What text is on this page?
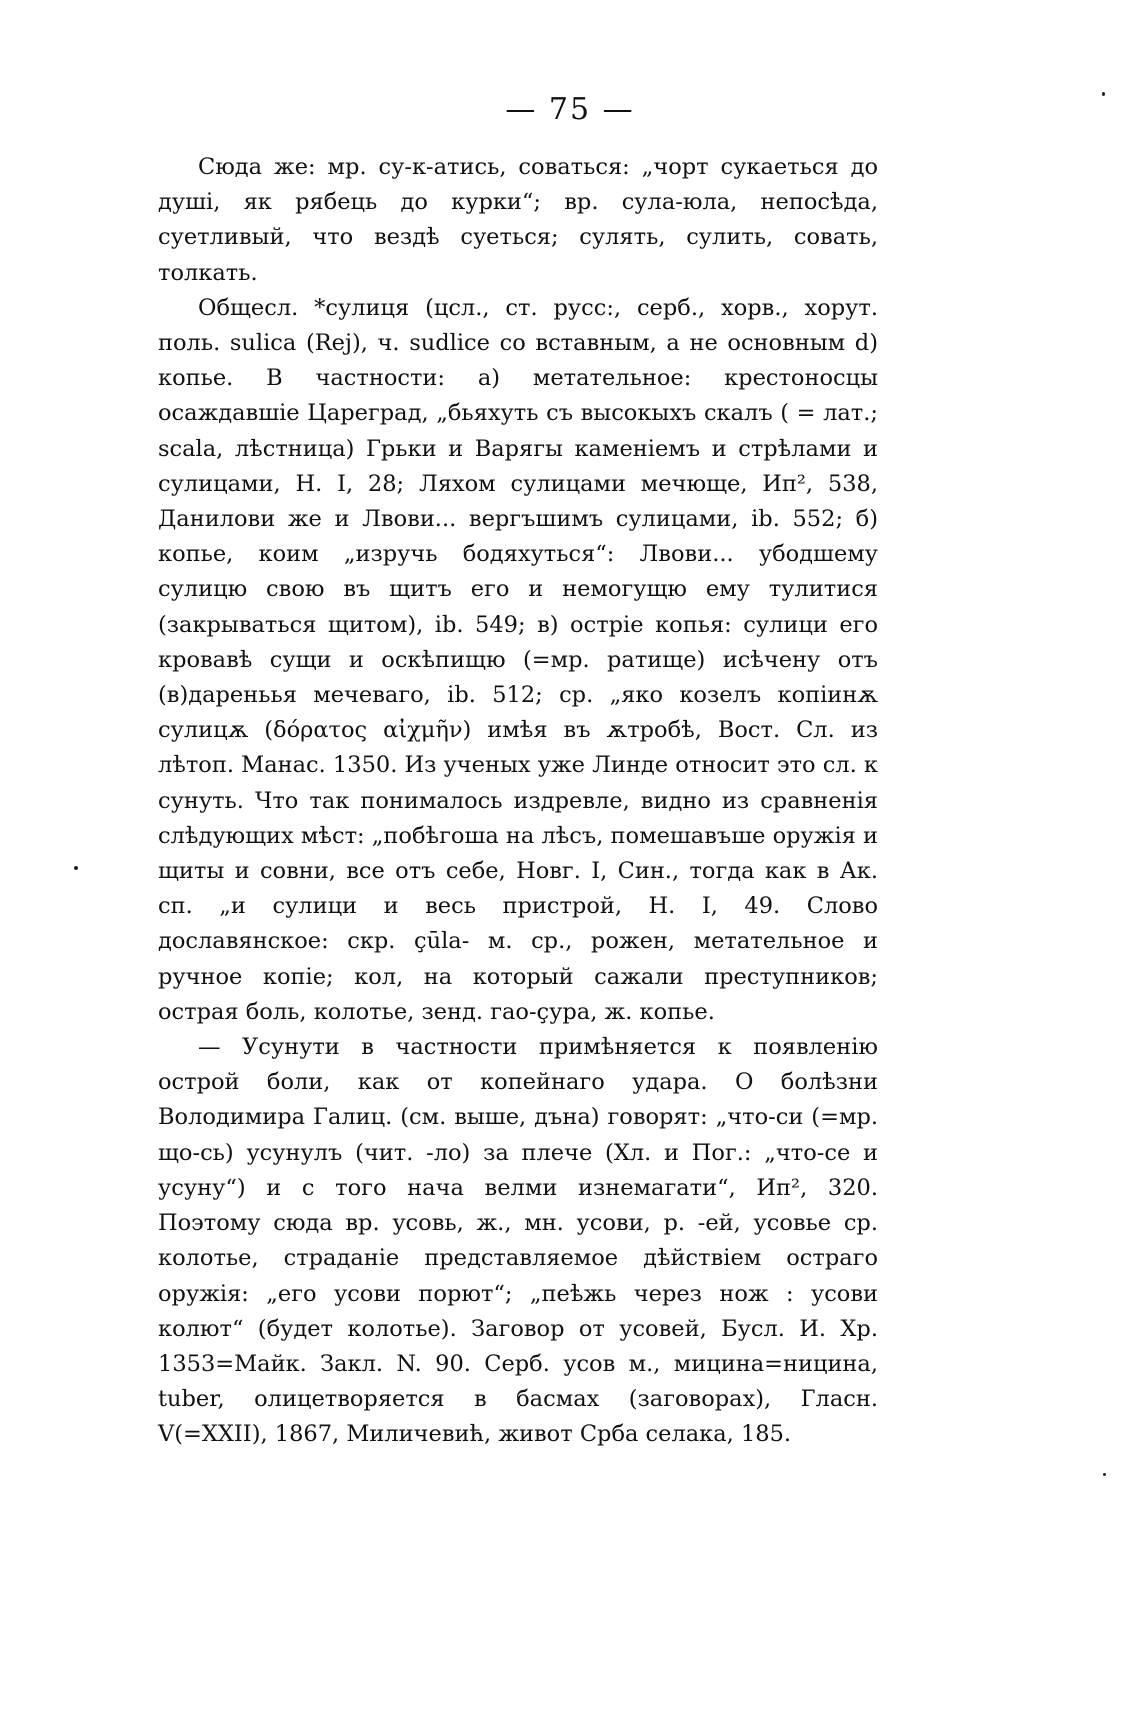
— 75 —

Сюда же: мр. су-к-атись, соваться: „чорт сукаеться до душі, як рябець до курки“; вр. сула-юла, непосѣда, суетливый, что вездѣ суеться; сулять, сулить, совать, толкать.

Общесл. *сулиця (цсл., ст. русс:, серб., хорв., хорут. поль. sulica (Rej), ч. sudlice со вставным, а не основным d) копье. В частности: а) метательное: крестоносцы осаждавшіе Цареград, „бьяхуть съ высокыхъ скалъ ( = лат.; scala, лѣстница) Грьки и Варягы каменіемъ и стрѣлами и сулицами, Н. I, 28; Ляхом сулицами мечюще, Ип², 538, Данилови же и Лвови... вергъшимъ сулицами, ib. 552; б) копье, коим „изручь бодяхуться“: Лвови... убодшему сулицю свою въ щитъ его и немогущю ему тулитися (закрываться щитом), ib. 549; в) остріе копья: сулици его кровавѣ сущи и оскѣпищю (=мр. ратище) исѣчену отъ (в)дареньья мечеваго, ib. 512; ср. „яко козелъ копіинѫ сулицѫ (δόρατος αἰχμῆν) имѣя въ ѫтробѣ, Вост. Сл. из лѣтоп. Манас. 1350. Из ученых уже Линде относит это сл. к сунуть. Что так понималось издревле, видно из сравненія слѣдующих мѣст: „побѣгоша на лѣсъ, помешавъше оружія и щиты и совни, все отъ себе, Новг. I, Син., тогда как в Ак. сп. „и сулици и весь пристрой, Н. I, 49. Слово дославянское: скр. çūla- м. ср., рожен, метательное и ручное копіе; кол, на который сажали преступников; острая боль, колотье, зенд. гао-çура, ж. копье.

— Усунути в частности примѣняется к появленію острой боли, как от копейнаго удара. О болѣзни Володимира Галиц. (см. выше, дъна) говорят: „что-си (=мр. що-сь) усунулъ (чит. -ло) за плече (Хл. и Пог.: „что-се и усуну“) и с того нача велми изнемагати“, Ип², 320. Поэтому сюда вр. усовь, ж., мн. усови, р. -ей, усовье ср. колотье, страданіе представляемое дѣйствіем остраго оружія: „его усови порют“; „пеѣжь через нож : усови колют“ (будет колотье). Заговор от усовей, Бусл. И. Хр. 1353=Майк. Закл. N. 90. Серб. усов м., мицина=ницина, tuber, олицетворяется в басмах (заговорах), Гласн. V(=XXII), 1867, Миличевић, живот Срба селака, 185.
